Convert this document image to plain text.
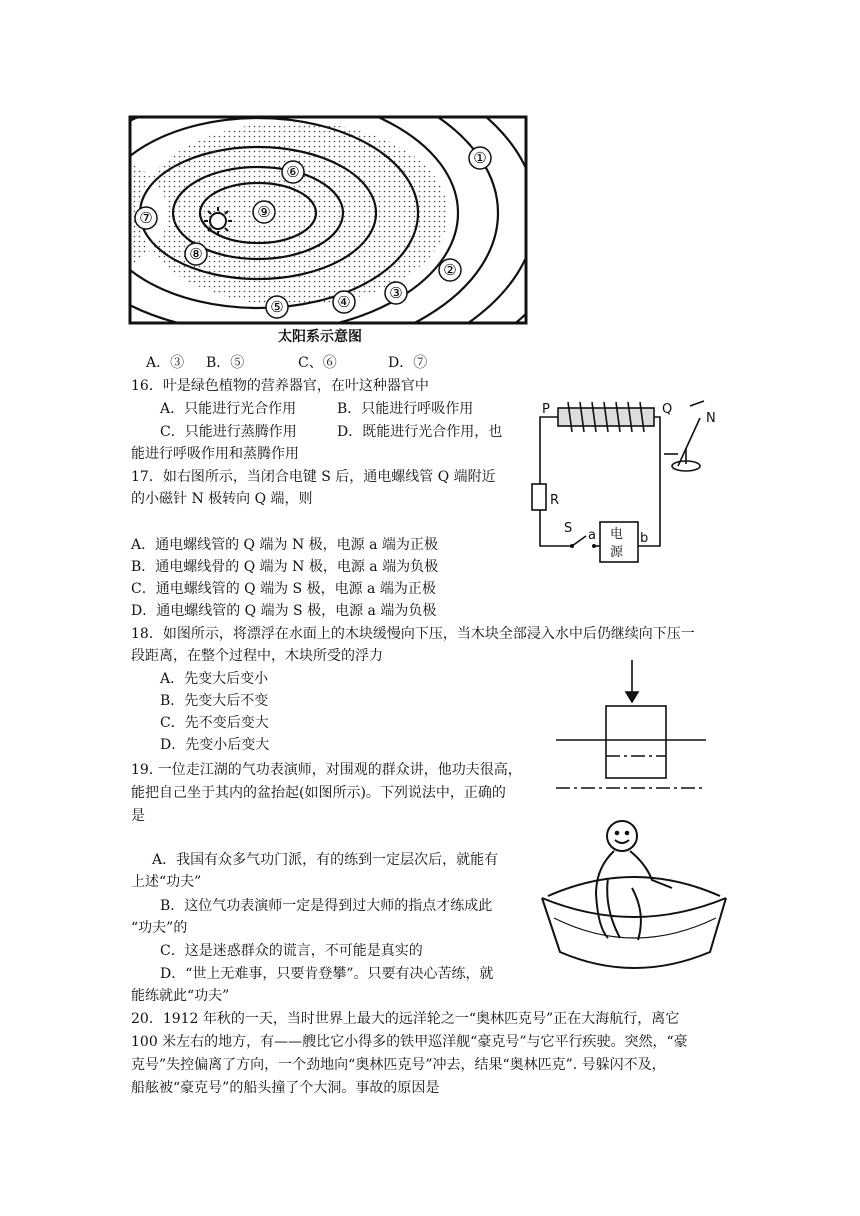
①
②
③
④
⑤
⑥
⑦
⑧
⑨
太阳系示意图
A．③ B．⑤	C、⑥	D．⑦
16．叶是绿色植物的营养器官，在叶这种器官中
A．只能进行光合作用	B．只能进行呼吸作用
C．只能进行蒸腾作用	D．既能进行光合作用，也
能进行呼吸作用和蒸腾作用
17．如右图所示，当闭合电键 S 后，通电螺线管 Q 端附近
的小磁针 N 极转向 Q 端，则
A．通电螺线管的 Q 端为 N 极，电源 a 端为正极
B．通电螺线骨的 Q 端为 N 极，电源 a 端为负极
C．通电螺线管的 Q 端为 S 极，电源 a 端为正极
D．通电螺线管的 Q 端为 S 极，电源 a 端为负极
P	Q
N
R
S a	b
电
源
18．如图所示，将漂浮在水面上的木块缓慢向下压，当木块全部浸入水中后仍继续向下压一
段距离，在整个过程中，木块所受的浮力
A．先变大后变小
B．先变大后不变
C．先不变后变大
D．先变小后变大
19. 一位走江湖的气功表演师，对围观的群众讲，他功夫很高，
能把自己坐于其内的盆抬起(如图所示)。下列说法中，正确的
是
A．我国有众多气功门派，有的练到一定层次后，就能有
上述“功夫”
B．这位气功表演师一定是得到过大师的指点才练成此
“功夫”的
C．这是迷惑群众的谎言，不可能是真实的
D．“世上无难事，只要肯登攀”。只要有决心苦练，就
能练就此“功夫”
20．1912 年秋的一天，当时世界上最大的远洋轮之一“奥林匹克号”正在大海航行，离它
100 米左右的地方，有——艘比它小得多的铁甲巡洋舰“豪克号”与它平行疾驶。突然，“豪
克号”失控偏离了方向，一个劲地向“奥林匹克号”冲去，结果“奥林匹克”. 号躲闪不及，
船舷被“豪克号”的船头撞了个大洞。事故的原因是
